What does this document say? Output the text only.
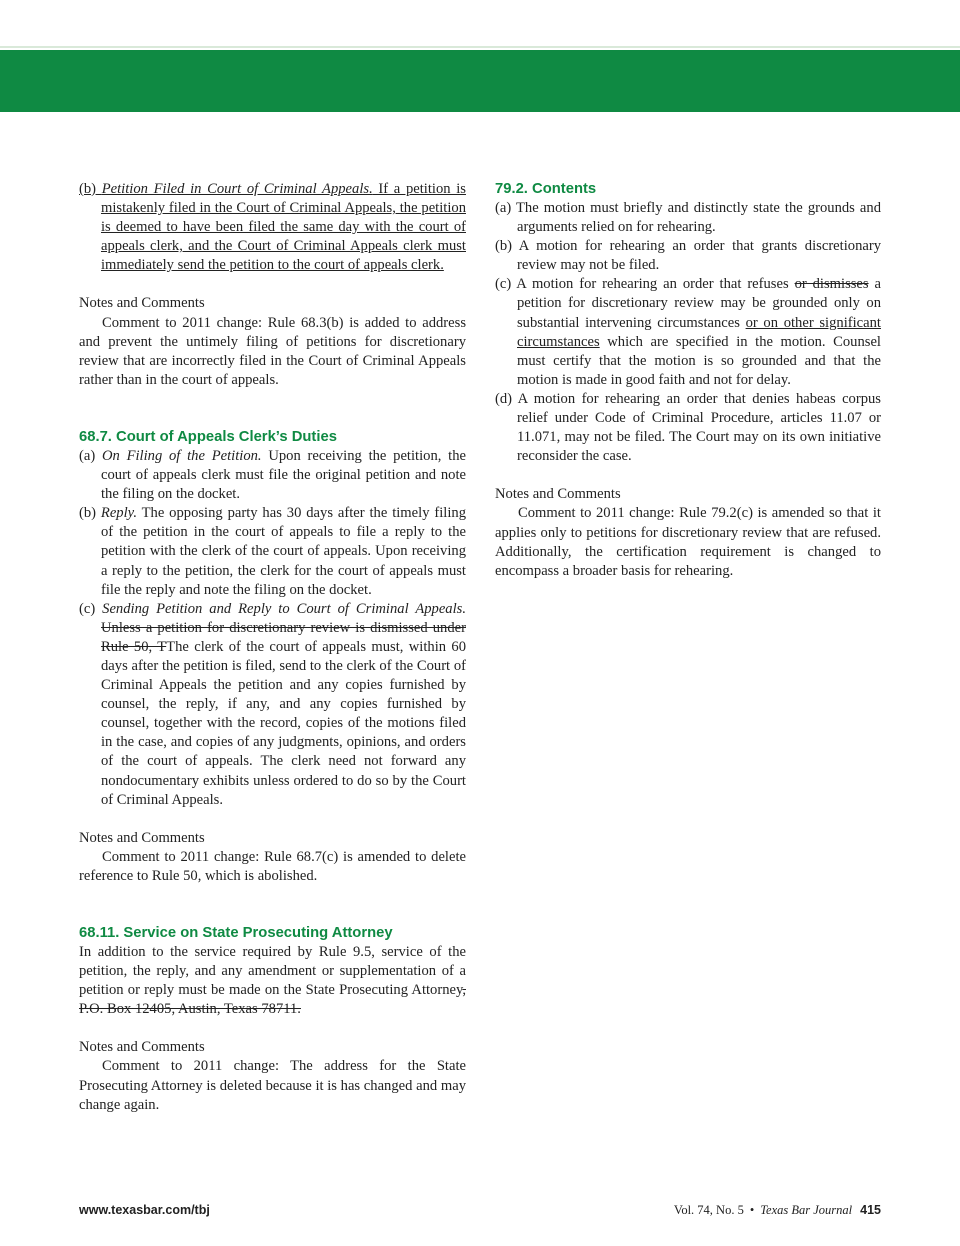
(b) Petition Filed in Court of Criminal Appeals. If a petition is mistakenly filed in the Court of Criminal Appeals, the petition is deemed to have been filed the same day with the court of appeals clerk, and the Court of Criminal Appeals clerk must immediately send the petition to the court of appeals clerk.

Notes and Comments

Comment to 2011 change: Rule 68.3(b) is added to address and prevent the untimely filing of petitions for discretionary review that are incorrectly filed in the Court of Criminal Appeals rather than in the court of appeals.

68.7. Court of Appeals Clerk’s Duties

(a) On Filing of the Petition. Upon receiving the petition, the court of appeals clerk must file the original petition and note the filing on the docket.

(b) Reply. The opposing party has 30 days after the timely filing of the petition in the court of appeals to file a reply to the petition with the clerk of the court of appeals. Upon receiving a reply to the petition, the clerk for the court of appeals must file the reply and note the filing on the docket.

(c) Sending Petition and Reply to Court of Criminal Appeals. Unless a petition for discretionary review is dismissed under Rule 50, TThe clerk of the court of appeals must, within 60 days after the petition is filed, send to the clerk of the Court of Criminal Appeals the petition and any copies furnished by counsel, the reply, if any, and any copies furnished by counsel, together with the record, copies of the motions filed in the case, and copies of any judgments, opinions, and orders of the court of appeals. The clerk need not forward any nondocumentary exhibits unless ordered to do so by the Court of Criminal Appeals.

Notes and Comments

Comment to 2011 change: Rule 68.7(c) is amended to delete reference to Rule 50, which is abolished.

68.11. Service on State Prosecuting Attorney

In addition to the service required by Rule 9.5, service of the petition, the reply, and any amendment or supplementation of a petition or reply must be made on the State Prosecuting Attorney, P.O. Box 12405, Austin, Texas 78711.

Notes and Comments

Comment to 2011 change: The address for the State Prosecuting Attorney is deleted because it is has changed and may change again.

79.2. Contents

(a) The motion must briefly and distinctly state the grounds and arguments relied on for rehearing.

(b) A motion for rehearing an order that grants discretionary review may not be filed.

(c) A motion for rehearing an order that refuses or dismisses a petition for discretionary review may be grounded only on substantial intervening circumstances or on other significant circumstances which are specified in the motion. Counsel must certify that the motion is so grounded and that the motion is made in good faith and not for delay.

(d) A motion for rehearing an order that denies habeas corpus relief under Code of Criminal Procedure, articles 11.07 or 11.071, may not be filed. The Court may on its own initiative reconsider the case.

Notes and Comments

Comment to 2011 change: Rule 79.2(c) is amended so that it applies only to petitions for discretionary review that are refused. Additionally, the certification requirement is changed to encompass a broader basis for rehearing.

www.texasbar.com/tbj	Vol. 74, No. 5 • Texas Bar Journal 415
